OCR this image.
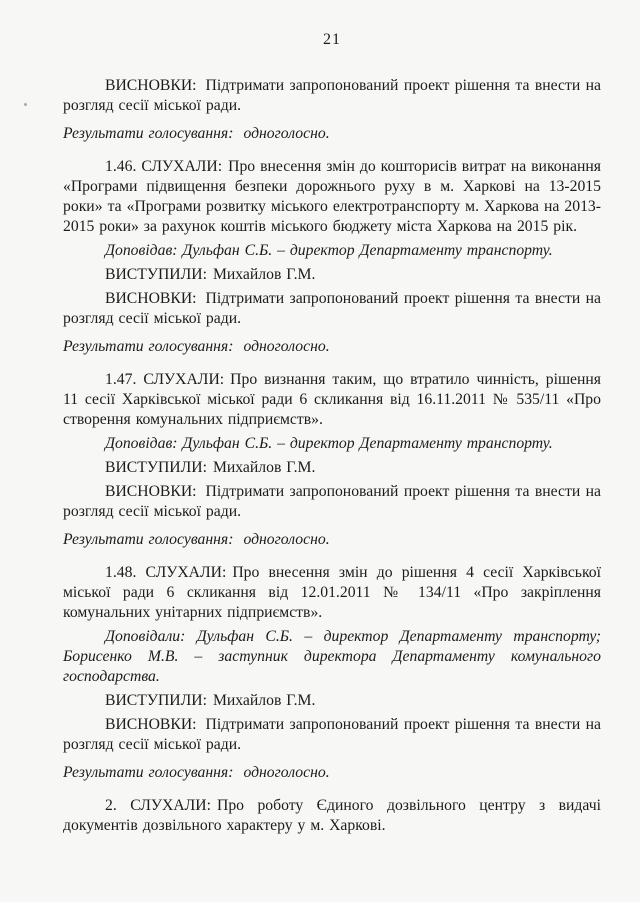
21

ВИСНОВКИ: Підтримати запропонований проект рішення та внести на розгляд сесії міської ради.

Результати голосування: одноголосно.

1.46. СЛУХАЛИ: Про внесення змін до кошторисів витрат на виконання «Програми підвищення безпеки дорожнього руху в м. Харкові на 13-2015 роки» та «Програми розвитку міського електротранспорту м. Харкова на 2013-2015 роки» за рахунок коштів міського бюджету міста Харкова на 2015 рік.

Доповідав: Дульфан С.Б. – директор Департаменту транспорту.

ВИСТУПИЛИ: Михайлов Г.М.

ВИСНОВКИ: Підтримати запропонований проект рішення та внести на розгляд сесії міської ради.

Результати голосування: одноголосно.

1.47. СЛУХАЛИ: Про визнання таким, що втратило чинність, рішення 11 сесії Харківської міської ради 6 скликання від 16.11.2011 № 535/11 «Про створення комунальних підприємств».

Доповідав: Дульфан С.Б. – директор Департаменту транспорту.

ВИСТУПИЛИ: Михайлов Г.М.

ВИСНОВКИ: Підтримати запропонований проект рішення та внести на розгляд сесії міської ради.

Результати голосування: одноголосно.

1.48. СЛУХАЛИ: Про внесення змін до рішення 4 сесії Харківської міської ради 6 скликання від 12.01.2011 № 134/11 «Про закріплення комунальних унітарних підприємств».

Доповідали: Дульфан С.Б. – директор Департаменту транспорту; Борисенко М.В. – заступник директора Департаменту комунального господарства.

ВИСТУПИЛИ: Михайлов Г.М.

ВИСНОВКИ: Підтримати запропонований проект рішення та внести на розгляд сесії міської ради.

Результати голосування: одноголосно.

2. СЛУХАЛИ: Про роботу Єдиного дозвільного центру з видачі документів дозвільного характеру у м. Харкові.
